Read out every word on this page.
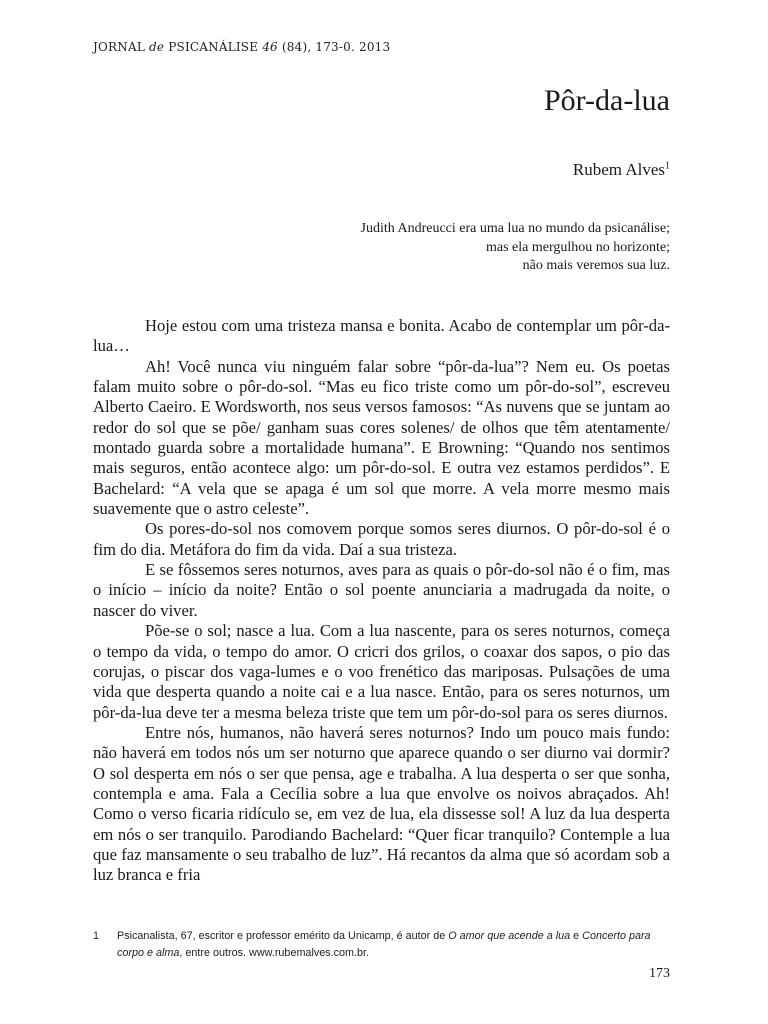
JORNAL de PSICANÁLISE 46 (84), 173-0. 2013
Pôr-da-lua
Rubem Alves$^1$
Judith Andreucci era uma lua no mundo da psicanálise;
mas ela mergulhou no horizonte;
não mais veremos sua luz.

Hoje estou com uma tristeza mansa e bonita. Acabo de contemplar um pôr-da-lua…

Ah! Você nunca viu ninguém falar sobre “pôr-da-lua”? Nem eu. Os poetas falam muito sobre o pôr-do-sol. “Mas eu fico triste como um pôr-do-sol”, escreveu Alberto Caeiro. E Wordsworth, nos seus versos famosos: “As nuvens que se juntam ao redor do sol que se põe/ ganham suas cores solenes/ de olhos que têm atentamente/ montado guarda sobre a mortalidade humana”. E Browning: “Quando nos sentimos mais seguros, então acontece algo: um pôr-do-sol. E outra vez estamos perdidos”. E Bachelard: “A vela que se apaga é um sol que morre. A vela morre mesmo mais suavemente que o astro celeste”.

Os pores-do-sol nos comovem porque somos seres diurnos. O pôr-do-sol é o fim do dia. Metáfora do fim da vida. Daí a sua tristeza.

E se fôssemos seres noturnos, aves para as quais o pôr-do-sol não é o fim, mas o início – início da noite? Então o sol poente anunciaria a madrugada da noite, o nascer do viver.

Põe-se o sol; nasce a lua. Com a lua nascente, para os seres noturnos, começa o tempo da vida, o tempo do amor. O cricri dos grilos, o coaxar dos sapos, o pio das corujas, o piscar dos vaga-lumes e o voo frenético das mariposas. Pulsações de uma vida que desperta quando a noite cai e a lua nasce. Então, para os seres noturnos, um pôr-da-lua deve ter a mesma beleza triste que tem um pôr-do-sol para os seres diurnos.

Entre nós, humanos, não haverá seres noturnos? Indo um pouco mais fundo: não haverá em todos nós um ser noturno que aparece quando o ser diurno vai dormir? O sol desperta em nós o ser que pensa, age e trabalha. A lua desperta o ser que sonha, contempla e ama. Fala a Cecília sobre a lua que envolve os noivos abraçados. Ah! Como o verso ficaria ridículo se, em vez de lua, ela dissesse sol! A luz da lua desperta em nós o ser tranquilo. Parodiando Bachelard: “Quer ficar tranquilo? Contemple a lua que faz mansamente o seu trabalho de luz”. Há recantos da alma que só acordam sob a luz branca e fria

1 Psicanalista, 67, escritor e professor emérito da Unicamp, é autor de O amor que acende a lua e Concerto para corpo e alma, entre outros. www.rubemalves.com.br.
173
